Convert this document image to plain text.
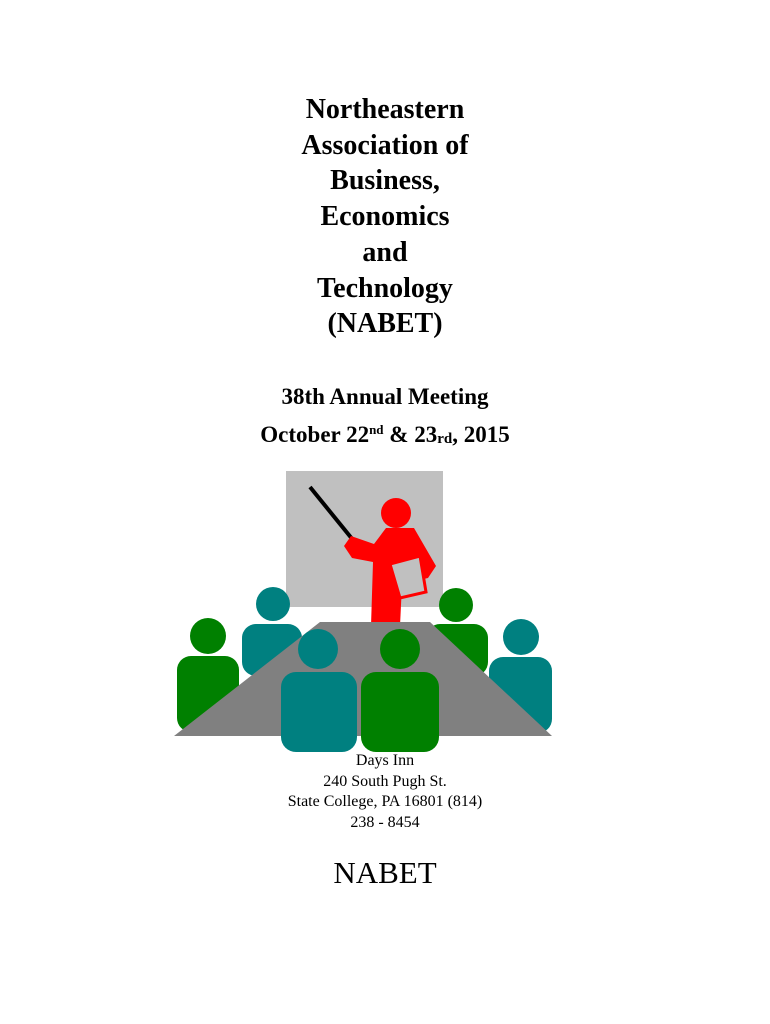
Northeastern
Association of
Business,
Economics
and
Technology
(NABET)
38th Annual Meeting
October 22nd & 23rd, 2015
Days Inn
240 South Pugh St.
State College, PA 16801 (814)
238 - 8454
NABET
